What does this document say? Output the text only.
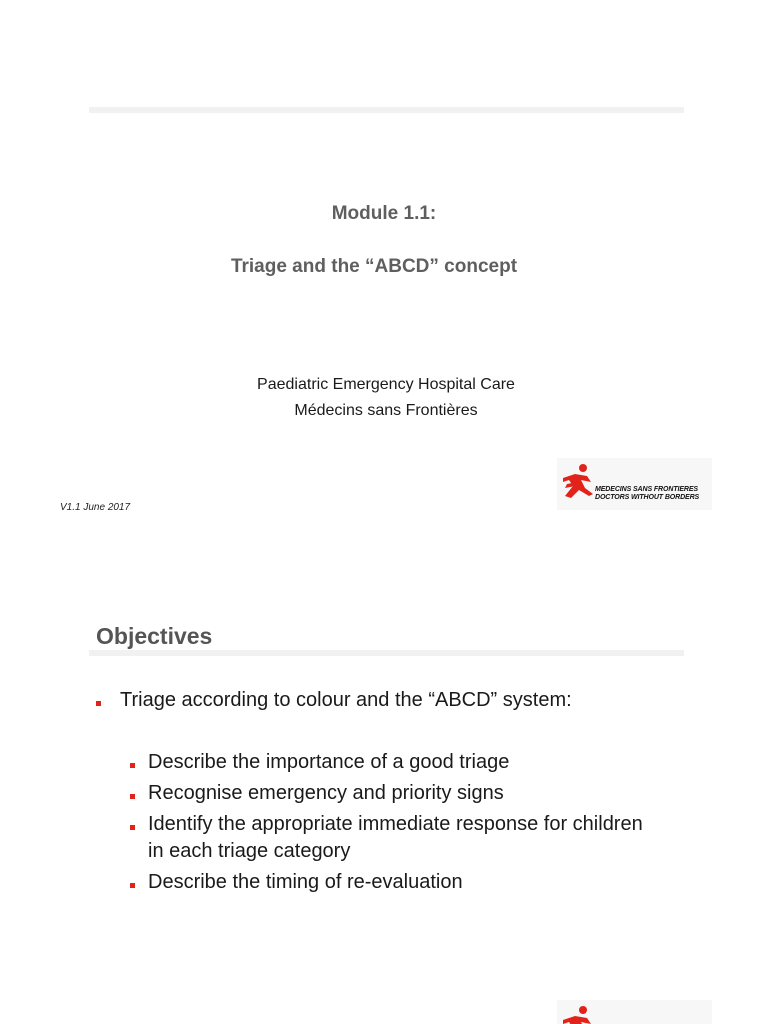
Module 1.1:
Triage and the “ABCD” concept
Paediatric Emergency Hospital Care
Médecins sans Frontières
V1.1 June 2017
MEDECINS SANS FRONTIERES
DOCTORS WITHOUT BORDERS
Objectives
Triage according to colour and the “ABCD” system:
Describe the importance of a good triage
Recognise emergency and priority signs
Identify the appropriate immediate response for children in each triage category
Describe the timing of re-evaluation
